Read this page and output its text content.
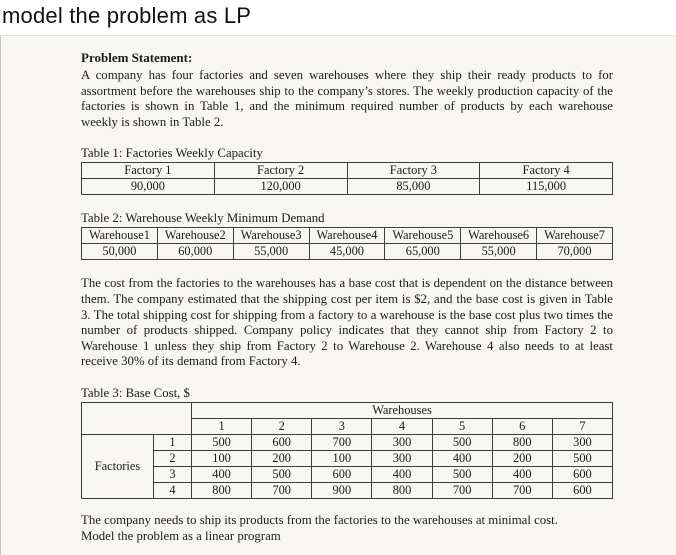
model the problem as LP

Problem Statement:

A company has four factories and seven warehouses where they ship their ready products to for assortment before the warehouses ship to the company’s stores. The weekly production capacity of the factories is shown in Table 1, and the minimum required number of products by each warehouse weekly is shown in Table 2.

Table 1: Factories Weekly Capacity

Factory 1	Factory 2	Factory 3	Factory 4
90,000	120,000	85,000	115,000

Table 2: Warehouse Weekly Minimum Demand

Warehouse1	Warehouse2	Warehouse3	Warehouse4	Warehouse5	Warehouse6	Warehouse7
50,000	60,000	55,000	45,000	65,000	55,000	70,000

The cost from the factories to the warehouses has a base cost that is dependent on the distance between them. The company estimated that the shipping cost per item is $2, and the base cost is given in Table 3. The total shipping cost for shipping from a factory to a warehouse is the base cost plus two times the number of products shipped. Company policy indicates that they cannot ship from Factory 2 to Warehouse 1 unless they ship from Factory 2 to Warehouse 2. Warehouse 4 also needs to at least receive 30% of its demand from Factory 4.

Table 3: Base Cost, $

		Warehouses						
		1	2	3	4	5	6	7
Factories	1	500	600	700	300	500	800	300
	2	100	200	100	300	400	200	500
	3	400	500	600	400	500	400	600
	4	800	700	900	800	700	700	600

The company needs to ship its products from the factories to the warehouses at minimal cost.
Model the problem as a linear program
